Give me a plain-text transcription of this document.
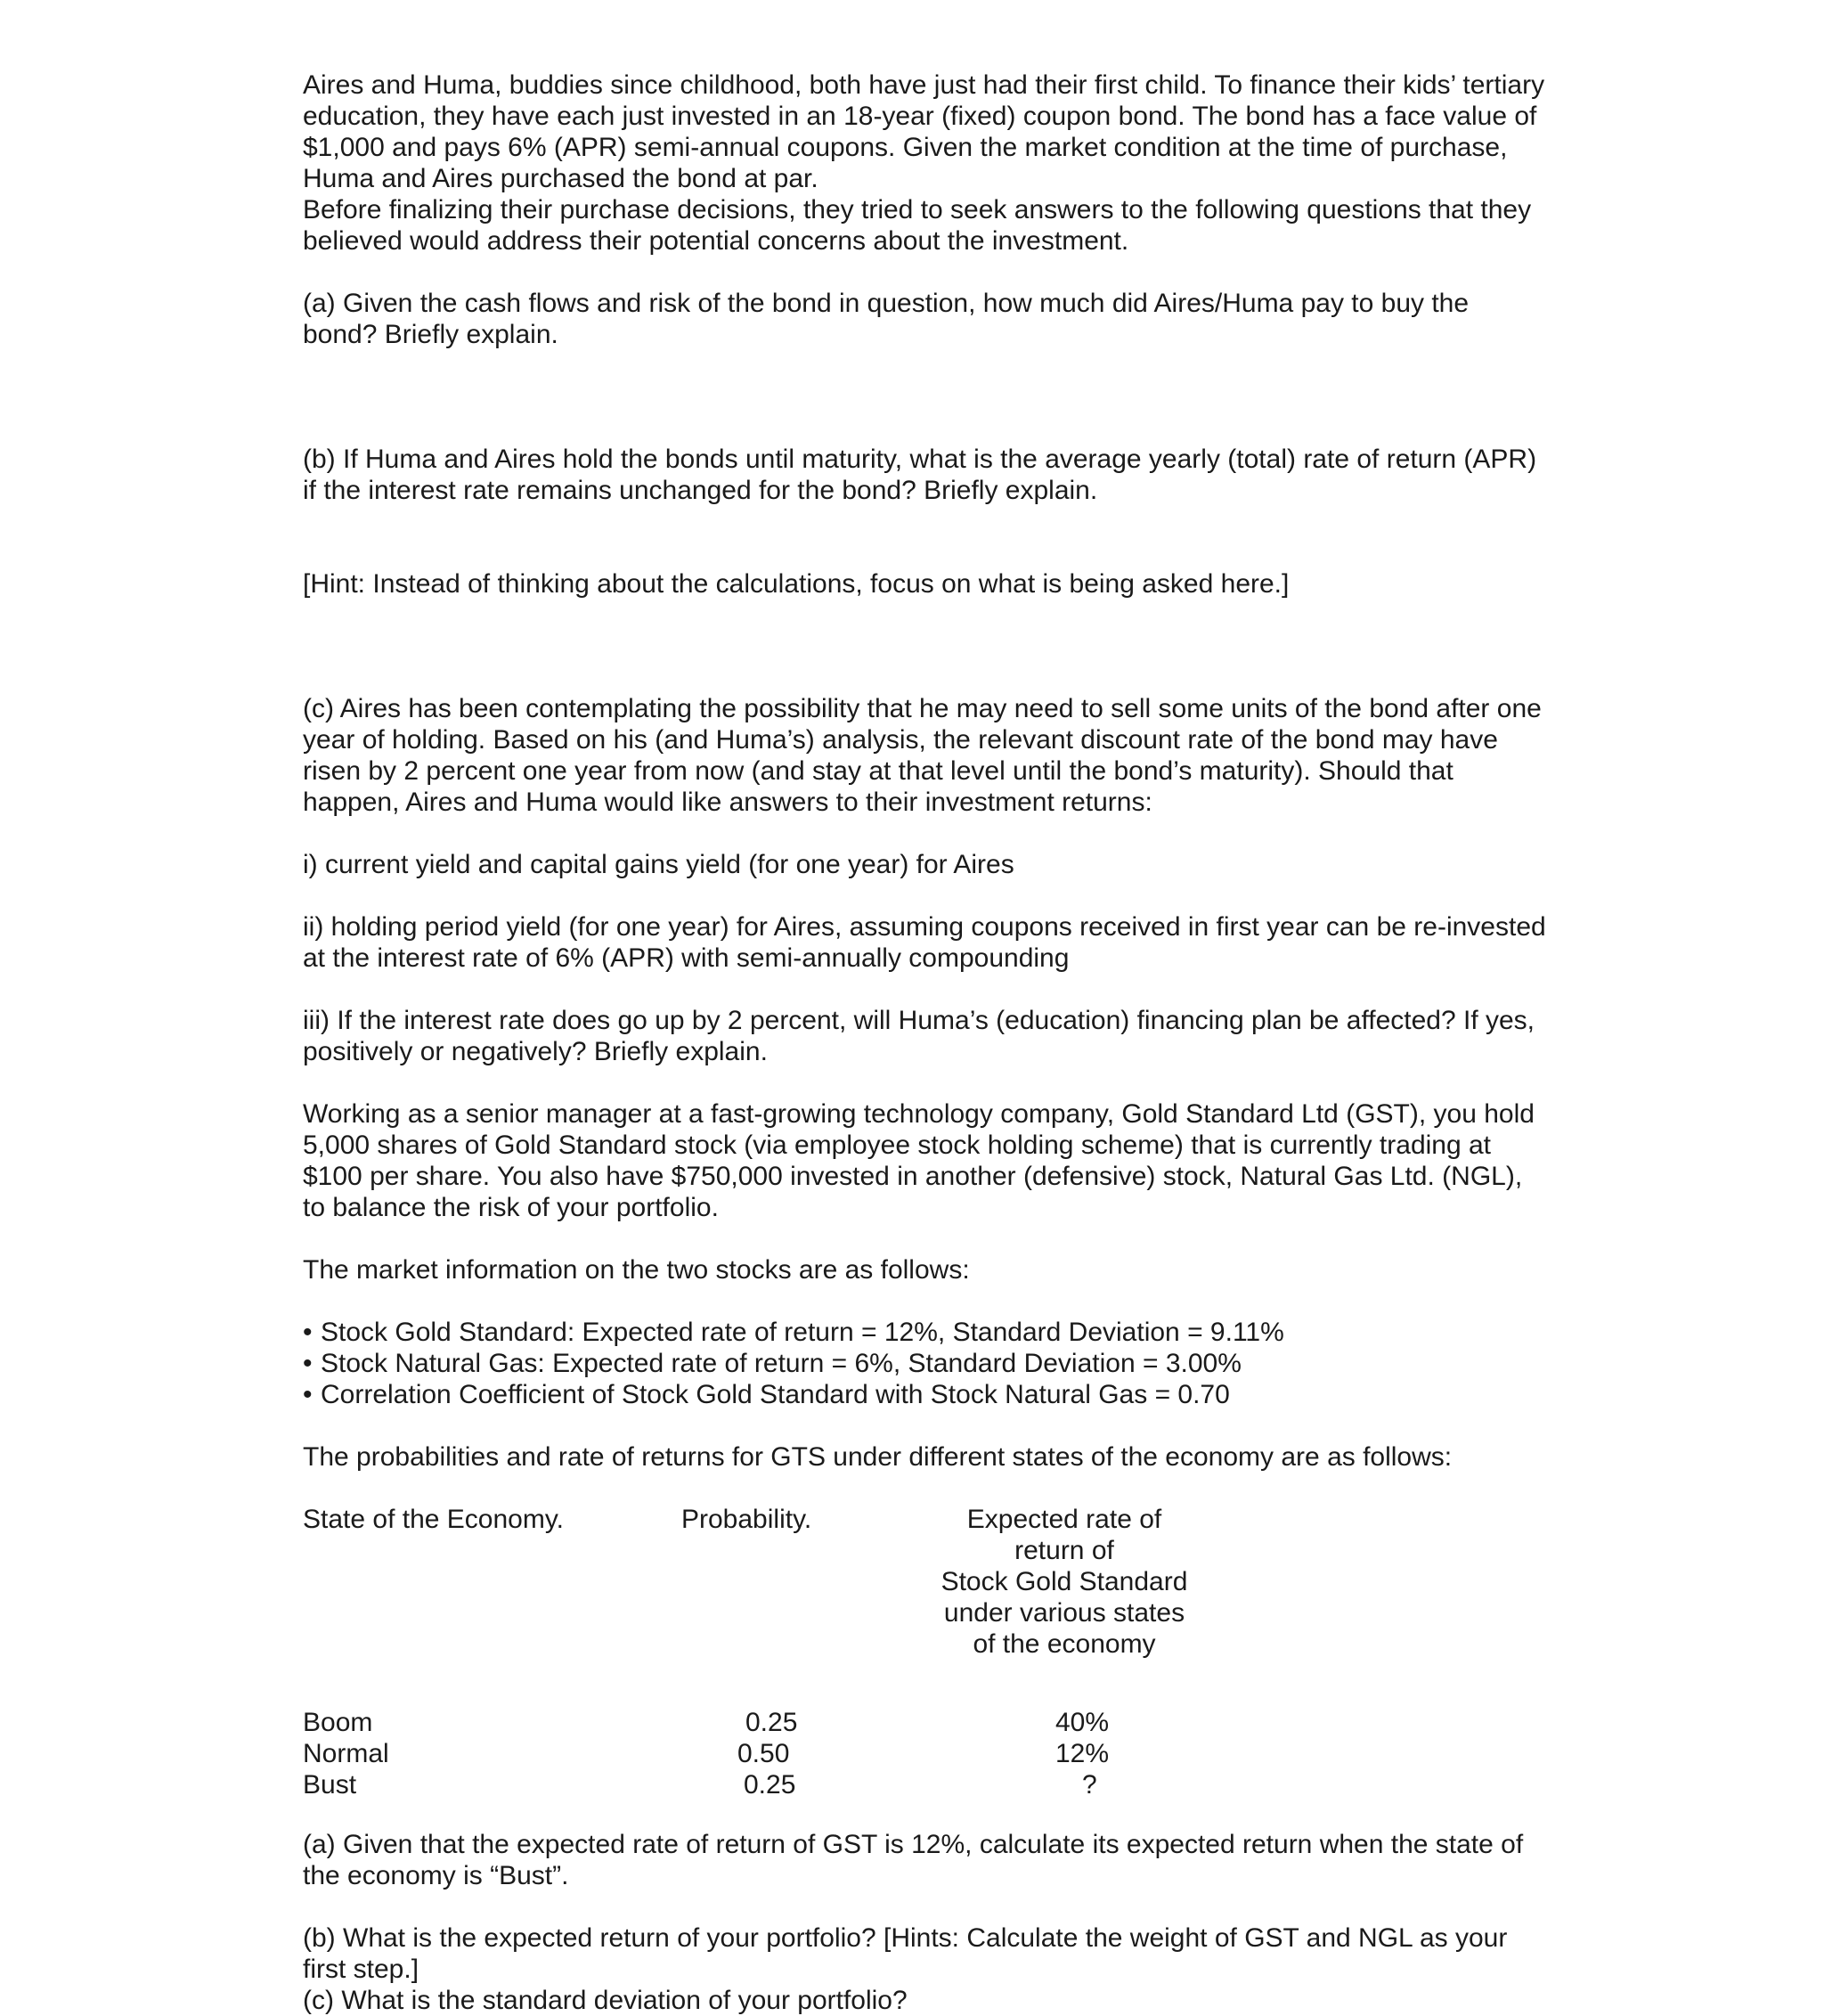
Aires and Huma, buddies since childhood, both have just had their first child. To finance their kids’ tertiary education, they have each just invested in an 18-year (fixed) coupon bond. The bond has a face value of $1,000 and pays 6% (APR) semi-annual coupons. Given the market condition at the time of purchase, Huma and Aires purchased the bond at par.

Before finalizing their purchase decisions, they tried to seek answers to the following questions that they believed would address their potential concerns about the investment.

(a) Given the cash flows and risk of the bond in question, how much did Aires/Huma pay to buy the bond? Briefly explain.

(b) If Huma and Aires hold the bonds until maturity, what is the average yearly (total) rate of return (APR) if the interest rate remains unchanged for the bond? Briefly explain.

[Hint: Instead of thinking about the calculations, focus on what is being asked here.]

(c) Aires has been contemplating the possibility that he may need to sell some units of the bond after one year of holding. Based on his (and Huma’s) analysis, the relevant discount rate of the bond may have risen by 2 percent one year from now (and stay at that level until the bond’s maturity). Should that happen, Aires and Huma would like answers to their investment returns:

i) current yield and capital gains yield (for one year) for Aires

ii) holding period yield (for one year) for Aires, assuming coupons received in first year can be re-invested at the interest rate of 6% (APR) with semi-annually compounding

iii) If the interest rate does go up by 2 percent, will Huma’s (education) financing plan be affected? If yes, positively or negatively? Briefly explain.

Working as a senior manager at a fast-growing technology company, Gold Standard Ltd (GST), you hold 5,000 shares of Gold Standard stock (via employee stock holding scheme) that is currently trading at $100 per share. You also have $750,000 invested in another (defensive) stock, Natural Gas Ltd. (NGL), to balance the risk of your portfolio.

The market information on the two stocks are as follows:

• Stock Gold Standard: Expected rate of return = 12%, Standard Deviation = 9.11%
• Stock Natural Gas: Expected rate of return = 6%, Standard Deviation = 3.00%
• Correlation Coefficient of Stock Gold Standard with Stock Natural Gas = 0.70

The probabilities and rate of returns for GTS under different states of the economy are as follows:

State of the Economy.	Probability.	Expected rate of
return of
Stock Gold Standard
under various states
of the economy
Boom	0.25	40%
Normal	0.50	12%
Bust	0.25	?

(a) Given that the expected rate of return of GST is 12%, calculate its expected return when the state of the economy is “Bust”.

(b) What is the expected return of your portfolio? [Hints: Calculate the weight of GST and NGL as your first step.]

(c) What is the standard deviation of your portfolio?
